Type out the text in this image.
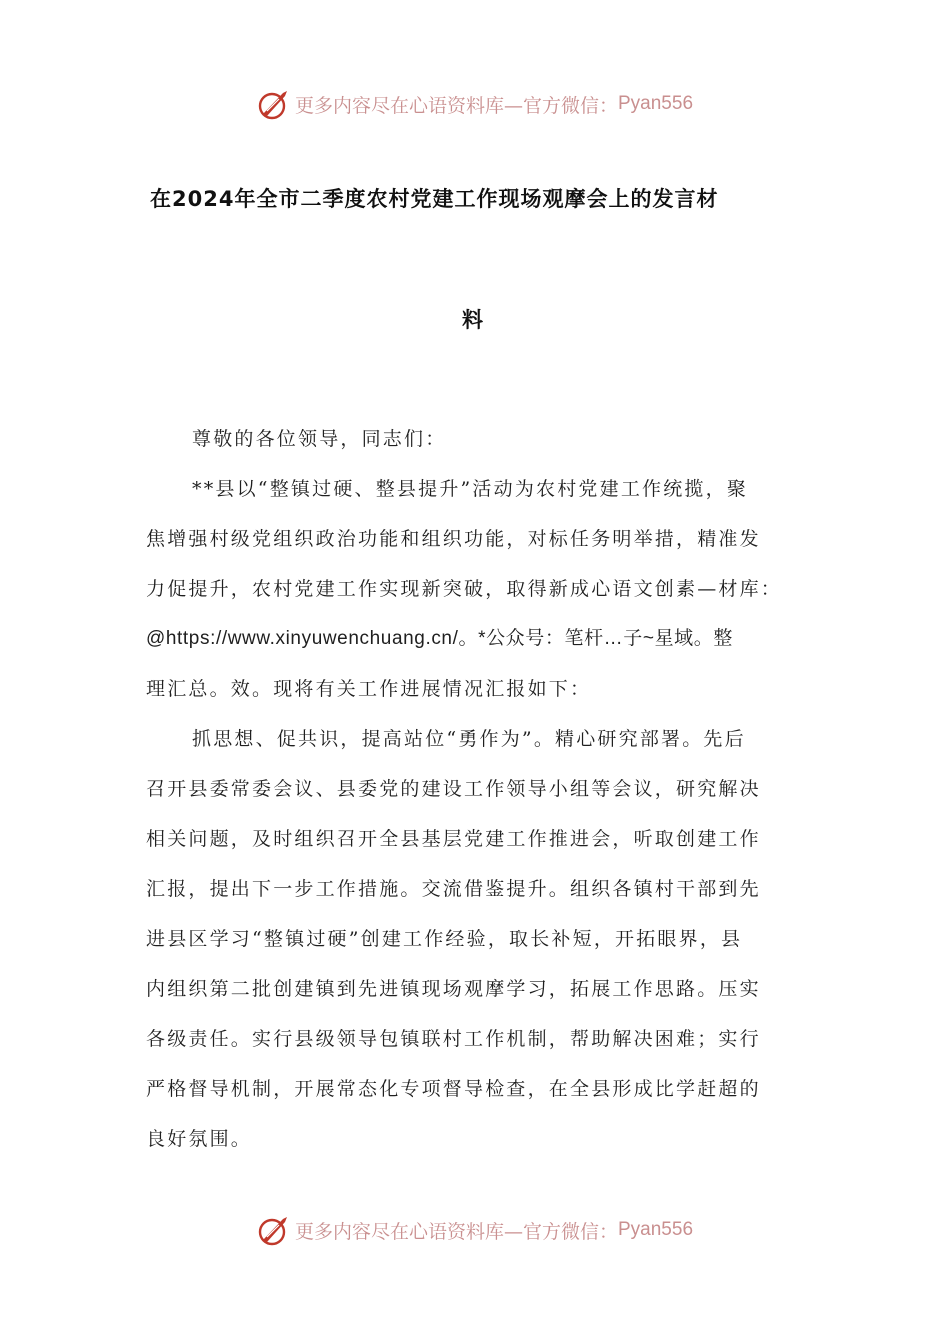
更多内容尽在心语资料库—官方微信： Pyan556
在2024年全市二季度农村党建工作现场观摩会上的发言材
料

尊敬的各位领导，同志们：

**县以“整镇过硬、整县提升”活动为农村党建工作统揽，聚
焦增强村级党组织政治功能和组织功能，对标任务明举措，精准发
力促提升，农村党建工作实现新突破，取得新成心语文创素—材库：
@https://www.xinyuwenchuang.cn/。*公众号：笔杆…子~星域。整
理汇总。效。现将有关工作进展情况汇报如下：

抓思想、促共识，提高站位“勇作为”。精心研究部署。先后
召开县委常委会议、县委党的建设工作领导小组等会议，研究解决
相关问题，及时组织召开全县基层党建工作推进会，听取创建工作
汇报，提出下一步工作措施。交流借鉴提升。组织各镇村干部到先
进县区学习“整镇过硬”创建工作经验，取长补短，开拓眼界，县
内组织第二批创建镇到先进镇现场观摩学习，拓展工作思路。压实
各级责任。实行县级领导包镇联村工作机制，帮助解决困难；实行
严格督导机制，开展常态化专项督导检查，在全县形成比学赶超的
良好氛围。

更多内容尽在心语资料库—官方微信： Pyan556
